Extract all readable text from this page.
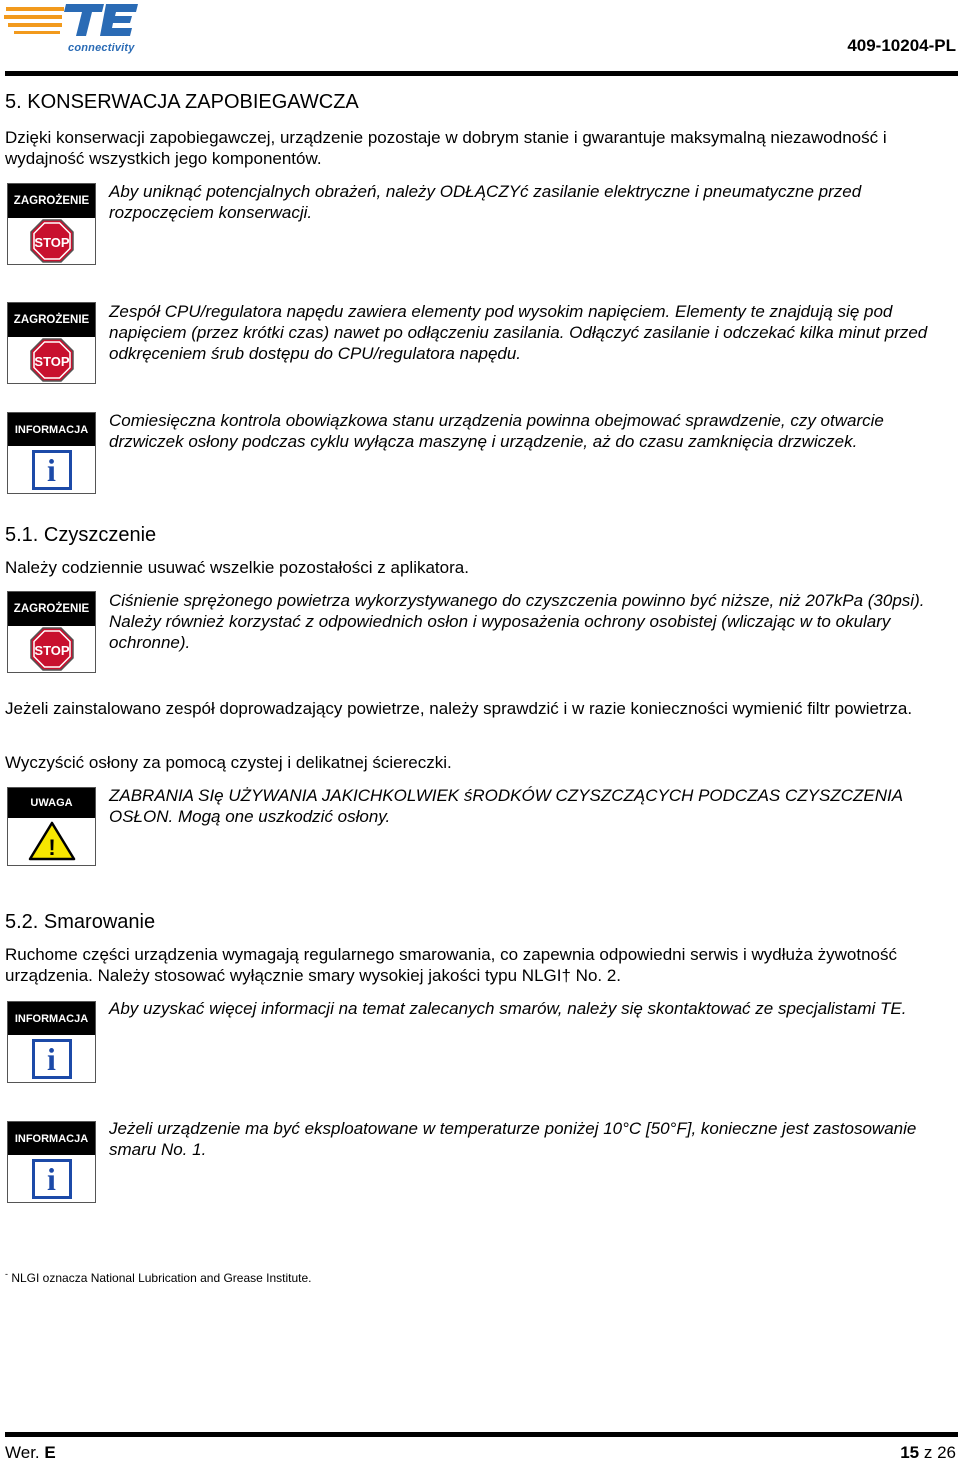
connectivity	409-10204-PL
5. KONSERWACJA ZAPOBIEGAWCZA
Dzięki konserwacji zapobiegawczej, urządzenie pozostaje w dobrym stanie i gwarantuje maksymalną niezawodność i wydajność wszystkich jego komponentów.
ZAGROŻENIE
STOP
Aby uniknąć potencjalnych obrażeń, należy ODŁĄCZYć zasilanie elektryczne i pneumatyczne przed rozpoczęciem konserwacji.
ZAGROŻENIE
STOP
Zespół CPU/regulatora napędu zawiera elementy pod wysokim napięciem. Elementy te znajdują się pod napięciem (przez krótki czas) nawet po odłączeniu zasilania. Odłączyć zasilanie i odczekać kilka minut przed odkręceniem śrub dostępu do CPU/regulatora napędu.
INFORMACJA
i
Comiesięczna kontrola obowiązkowa stanu urządzenia powinna obejmować sprawdzenie, czy otwarcie drzwiczek osłony podczas cyklu wyłącza maszynę i urządzenie, aż do czasu zamknięcia drzwiczek.
5.1. Czyszczenie
Należy codziennie usuwać wszelkie pozostałości z aplikatora.
ZAGROŻENIE
STOP
Ciśnienie sprężonego powietrza wykorzystywanego do czyszczenia powinno być niższe, niż 207kPa (30psi). Należy również korzystać z odpowiednich osłon i wyposażenia ochrony osobistej (wliczając w to okulary ochronne).
Jeżeli zainstalowano zespół doprowadzający powietrze, należy sprawdzić i w razie konieczności wymienić filtr powietrza.
Wyczyścić osłony za pomocą czystej i delikatnej ściereczki.
UWAGA
!
ZABRANIA SIę UŻYWANIA JAKICHKOLWIEK śRODKÓW CZYSZCZĄCYCH PODCZAS CZYSZCZENIA OSŁON. Mogą one uszkodzić osłony.
5.2. Smarowanie
Ruchome części urządzenia wymagają regularnego smarowania, co zapewnia odpowiedni serwis i wydłuża żywotność urządzenia. Należy stosować wyłącznie smary wysokiej jakości typu NLGI† No. 2.
INFORMACJA
i
Aby uzyskać więcej informacji na temat zalecanych smarów, należy się skontaktować ze specjalistami TE.
INFORMACJA
i
Jeżeli urządzenie ma być eksploatowane w temperaturze poniżej 10°C [50°F], konieczne jest zastosowanie smaru No. 1.
- NLGI oznacza National Lubrication and Grease Institute.
Wer. E	15 z 26
